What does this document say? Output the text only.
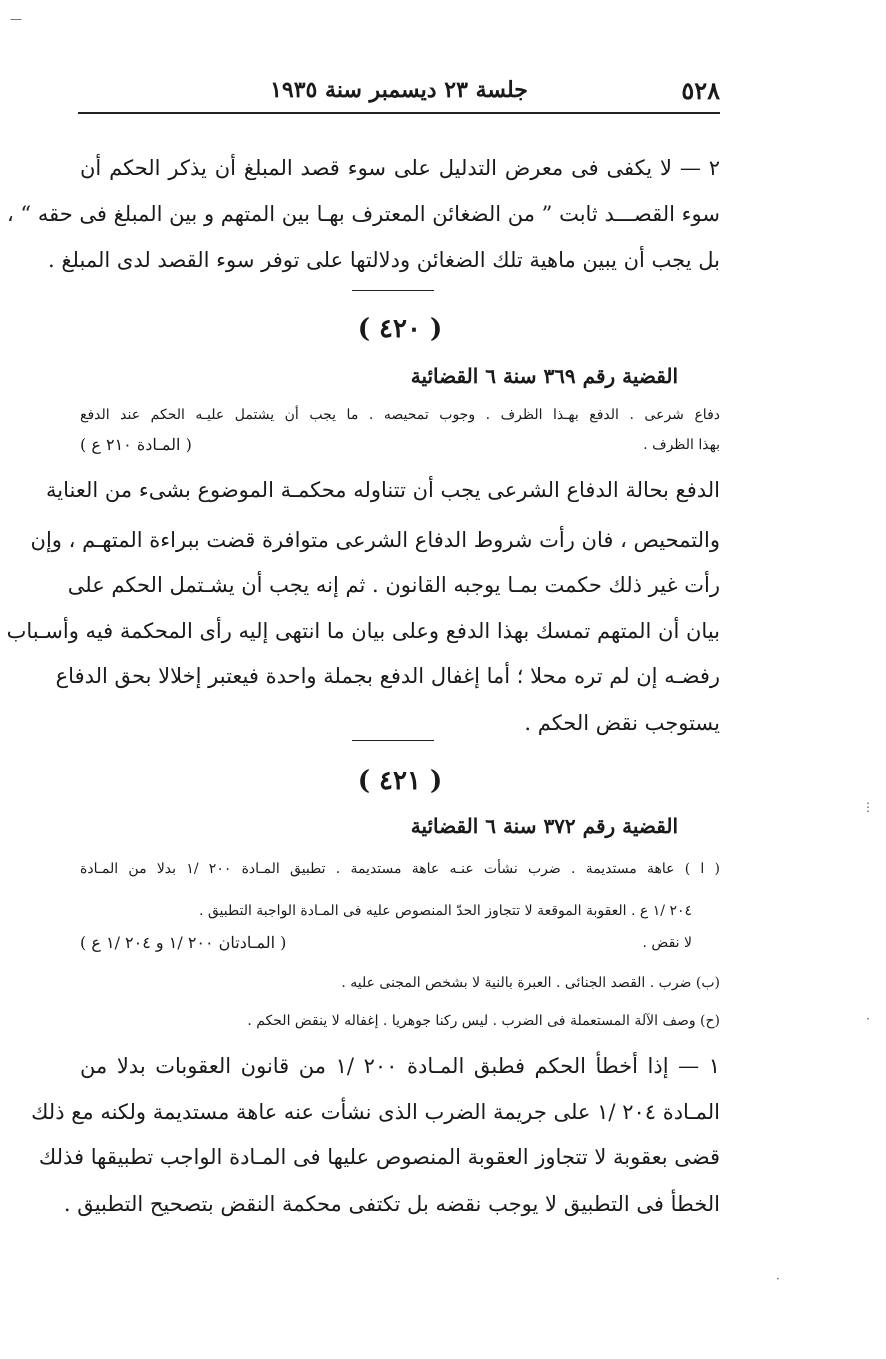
—
٥٢٨
جلسة ٢٣ ديسمبر سنة ١٩٣٥
٢ — لا يكفى فى معرض التدليل على سوء قصد المبلغ أن يذكر الحكم أن
سوء القصـــد ثابت ” من الضغائن المعترف بهـا بين المتهم و بين المبلغ فى حقه “ ،
بل يجب أن يبين ماهية تلك الضغائن ودلالتها على توفر سوء القصد لدى المبلغ .
( ٤٢٠ )
القضية رقم ٣٦٩ سنة ٦ القضائية
دفاع شرعى . الدفع بهـذا الظرف . وجوب تمحيصه . ما يجب أن يشتمل عليـه الحكم عند الدفع
بهذا الظرف .
( المـادة ٢١٠ ع )
الدفع بحالة الدفاع الشرعى يجب أن تتناوله محكمـة الموضوع بشىء من العناية
والتمحيص ، فان رأت شروط الدفاع الشرعى متوافرة قضت ببراءة المتهـم ، وإن
رأت غير ذلك حكمت بمـا يوجبه القانون . ثم إنه يجب أن يشـتمل الحكم على
بيان أن المتهم تمسك بهذا الدفع وعلى بيان ما انتهى إليه رأى المحكمة فيه وأسـباب
رفضـه إن لم تره محلا ؛ أما إغفال الدفع بجملة واحدة فيعتبر إخلالا بحق الدفاع
يستوجب نقض الحكم .
( ٤٢١ )
القضية رقم ٣٧٢ سنة ٦ القضائية
( ا ) عاهة مستديمة . ضرب نشأت عنـه عاهة مستديمة . تطبيق المـادة ٢٠٠ /١ بدلا من المـادة
٢٠٤ /١ ع . العقوبة الموقعة لا تتجاوز الحدّ المنصوص عليه فى المـادة الواجبة التطبيق .
لا نقض .
( المـادتان ٢٠٠ /١ و ٢٠٤ /١ ع )
(ب) ضرب . القصد الجنائى . العبرة بالنية لا بشخص المجنى عليه .
(ح) وصف الآلة المستعملة فى الضرب . ليس ركنا جوهريا . إغفاله لا ينقض الحكم .
١ — إذا أخطأ الحكم فطبق المـادة ٢٠٠ /١ من قانون العقوبات بدلا من
المـادة ٢٠٤ /١ على جريمة الضرب الذى نشأت عنه عاهة مستديمة ولكنه مع ذلك
قضى بعقوبة لا تتجاوز العقوبة المنصوص عليها فى المـادة الواجب تطبيقها فذلك
الخطأ فى التطبيق لا يوجب نقضه بل تكتفى محكمة النقض بتصحيح التطبيق .
⋮
·
·
